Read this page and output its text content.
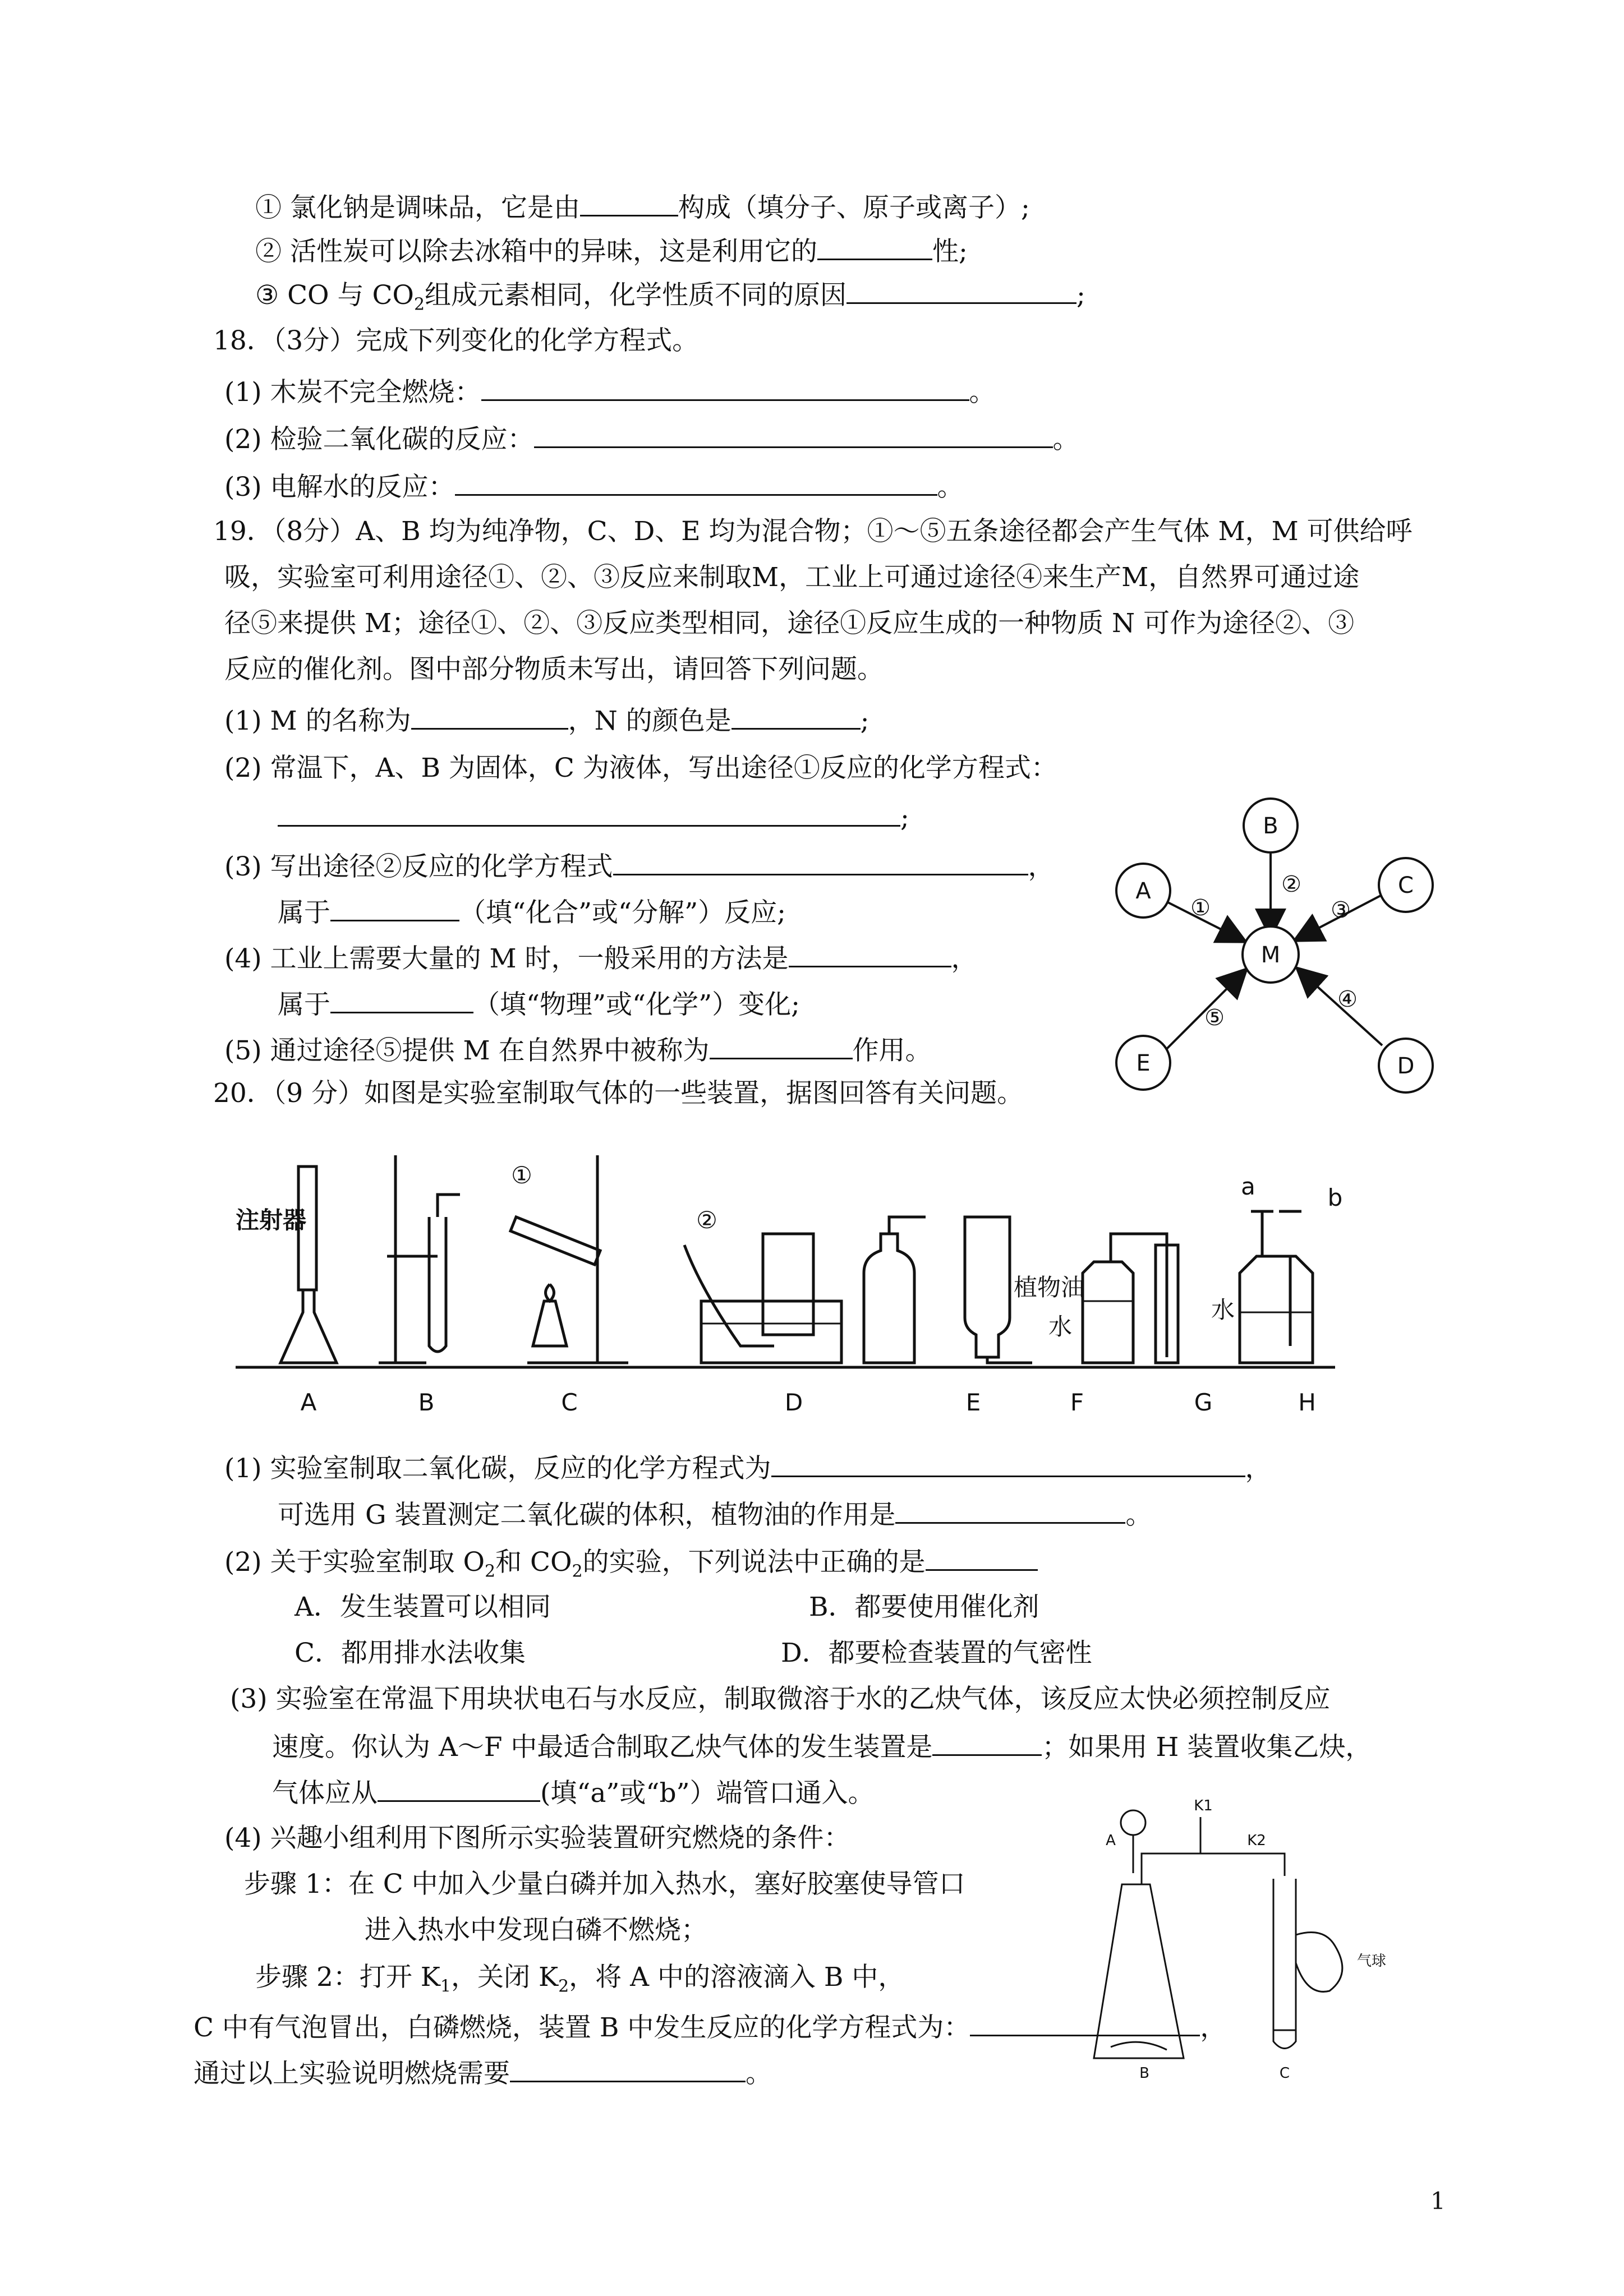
① 氯化钠是调味品，它是由	构成（填分子、原子或离子）;
② 活性炭可以除去冰箱中的异味，这是利用它的	性;
③ CO 与 $CO_2$组成元素相同，化学性质不同的原因	;
18．（3分）完成下列变化的化学方程式。
(1) 木炭不完全燃烧：	。
(2) 检验二氧化碳的反应：	。
(3) 电解水的反应：	。
19．（8分）A、B 均为纯净物，C、D、E 均为混合物；①～⑤五条途径都会产生气体 M，M 可供给呼
吸，实验室可利用途径①、②、③反应来制取M，工业上可通过途径④来生产M，自然界可通过途
径⑤来提供 M；途径①、②、③反应类型相同，途径①反应生成的一种物质 N 可作为途径②、③
反应的催化剂。图中部分物质未写出，请回答下列问题。
(1) M 的名称为	，N 的颜色是	;
(2) 常温下，A、B 为固体，C 为液体，写出途径①反应的化学方程式：
;
(3) 写出途径②反应的化学方程式	，
属于	（填“化合”或“分解”）反应;
(4) 工业上需要大量的 M 时，一般采用的方法是	，
属于	（填“物理”或“化学”）变化;
(5) 通过途径⑤提供 M 在自然界中被称为	作用。
B
A	C
M
E	D
①
②
③
④
⑤
20．（9 分）如图是实验室制取气体的一些装置，据图回答有关问题。
注射器
①
②
植物油
水
水
a	b
A	B	C	D	E	F	G	H
(1) 实验室制取二氧化碳，反应的化学方程式为	，
可选用 G 装置测定二氧化碳的体积，植物油的作用是	。
(2) 关于实验室制取 $O_2$和 $CO_2$的实验，下列说法中正确的是
A．发生装置可以相同	B．都要使用催化剂
C．都用排水法收集	D．都要检查装置的气密性
(3) 实验室在常温下用块状电石与水反应，制取微溶于水的乙炔气体，该反应太快必须控制反应
速度。你认为 A～F 中最适合制取乙炔气体的发生装置是	；如果用 H 装置收集乙炔，
气体应从	(填“a”或“b”）端管口通入。
(4) 兴趣小组利用下图所示实验装置研究燃烧的条件：
步骤 1：在 C 中加入少量白磷并加入热水，塞好胶塞使导管口
进入热水中发现白磷不燃烧；
步骤 2：打开 $K_1$，关闭 $K_2$，将 A 中的溶液滴入 B 中，
C 中有气泡冒出，白磷燃烧，装置 B 中发生反应的化学方程式为：	，
通过以上实验说明燃烧需要	。
A
K1
K2
气球
B	C
1
